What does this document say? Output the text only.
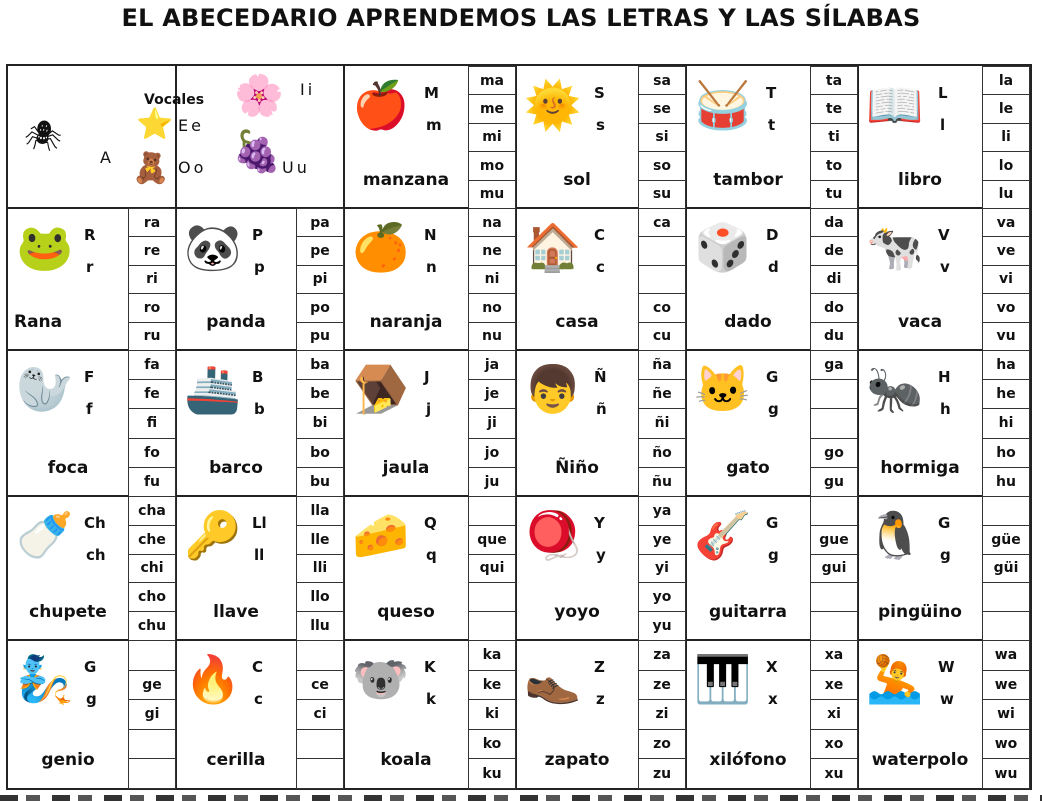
EL ABECEDARIO APRENDEMOS LAS LETRAS Y LAS SÍLABAS
Vocales
🕷
A
⭐ Ee
🧸
Ii
🌸
Oo 🍇 Uu
🍎 M
m
manzana
ma
me
mi
mo
mu
🌞 S
s
sol
sa
se
si
so
su
🥁 T
t
tambor
ta
te
ti
to
tu
📖 L
l
libro
la
le
li
lo
lu
🐸 R
r
Rana
ra
re
ri
ro
ru
🐼 P
p
panda
pa
pe
pi
po
pu
🍊 N
n
naranja
na
ne
ni
no
nu
🏠 C
c
casa
ca
co
cu
🎲 D
d
dado
da
de
di
do
du
🐄 V
v
vaca
va
ve
vi
vo
vu
🦭 F
f
foca
fa
fe
fi
fo
fu
🚢 B
b
barco
ba
be
bi
bo
bu
🪤 J
j
jaula
ja
je
ji
jo
ju
👦 Ñ
ñ
Ñiño
ña
ñe
ñi
ño
ñu
🐱 G
g
gato
ga
go
gu
🐜 H
h
hormiga
ha
he
hi
ho
hu
🍼 Ch
ch
chupete
cha
che
chi
cho
chu
🔑 Ll
ll
llave
lla
lle
lli
llo
llu
🧀 Q
q
queso
que
qui
🪀 Y
y
yoyo
ya
ye
yi
yo
yu
🎸 G
g
guitarra
gue
gui
🐧 G
g
pingüino
güe
güi
🧞 G
g
genio
ge
gi
🔥 C
c
cerilla
ce
ci
🐨 K
k
koala
ka
ke
ki
ko
ku
👞 Z
z
zapato
za
ze
zi
zo
zu
🎹 X
x
xilófono
xa
xe
xi
xo
xu
🤽 W
w
waterpolo
wa
we
wi
wo
wu
